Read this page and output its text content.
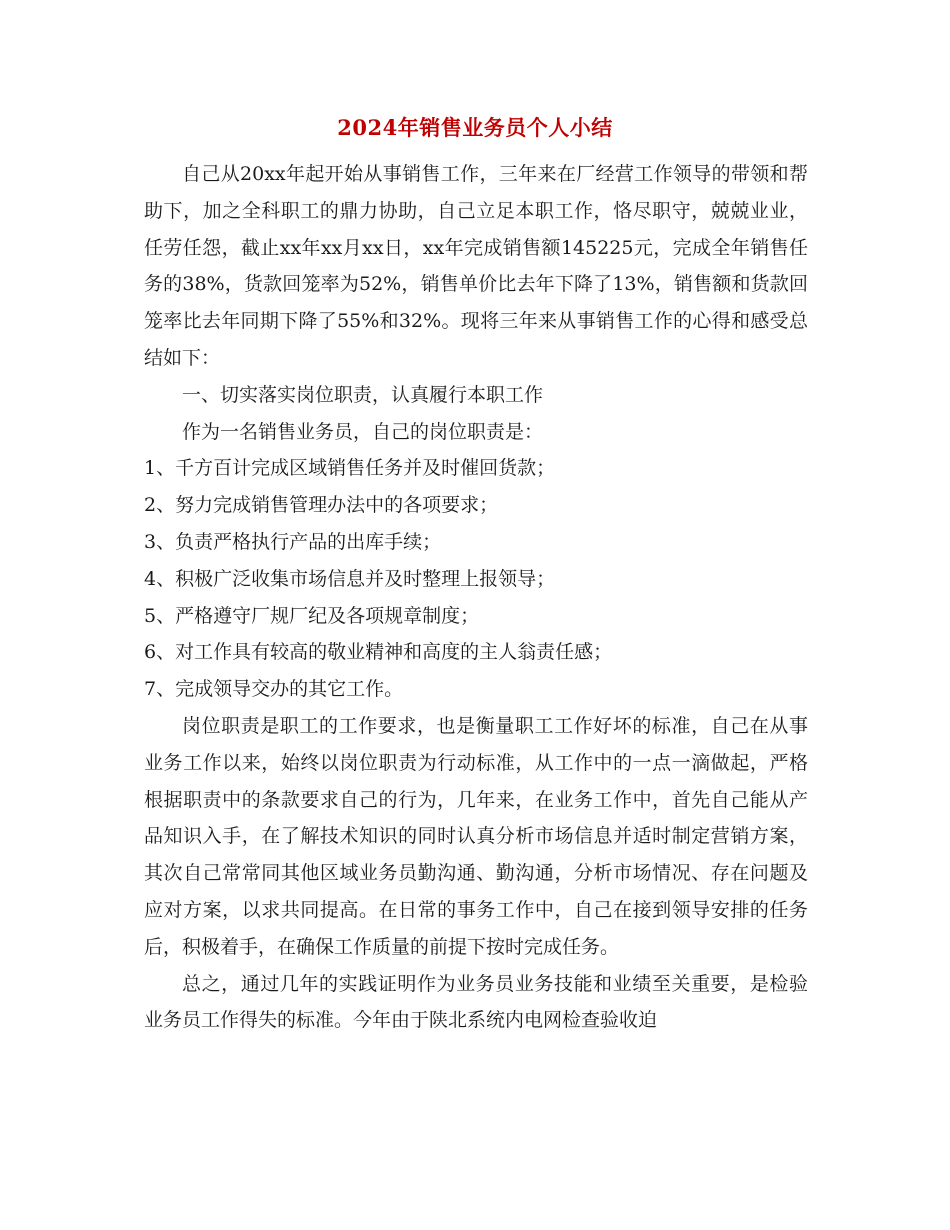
2024年销售业务员个人小结

自己从20xx年起开始从事销售工作，三年来在厂经营工作领导的带领和帮助下，加之全科职工的鼎力协助，自己立足本职工作，恪尽职守，兢兢业业，任劳任怨，截止xx年xx月xx日，xx年完成销售额145225元，完成全年销售任务的38%，货款回笼率为52%，销售单价比去年下降了13%，销售额和货款回笼率比去年同期下降了55%和32%。现将三年来从事销售工作的心得和感受总结如下：

一、切实落实岗位职责，认真履行本职工作

作为一名销售业务员，自己的岗位职责是：

1、千方百计完成区域销售任务并及时催回货款；

2、努力完成销售管理办法中的各项要求；

3、负责严格执行产品的出库手续；

4、积极广泛收集市场信息并及时整理上报领导；

5、严格遵守厂规厂纪及各项规章制度；

6、对工作具有较高的敬业精神和高度的主人翁责任感；

7、完成领导交办的其它工作。

岗位职责是职工的工作要求，也是衡量职工工作好坏的标准，自己在从事业务工作以来，始终以岗位职责为行动标准，从工作中的一点一滴做起，严格根据职责中的条款要求自己的行为，几年来，在业务工作中，首先自己能从产品知识入手，在了解技术知识的同时认真分析市场信息并适时制定营销方案，其次自己常常同其他区域业务员勤沟通、勤沟通，分析市场情况、存在问题及应对方案，以求共同提高。在日常的事务工作中，自己在接到领导安排的任务后，积极着手，在确保工作质量的前提下按时完成任务。

总之，通过几年的实践证明作为业务员业务技能和业绩至关重要，是检验业务员工作得失的标准。今年由于陕北系统内电网检查验收迫
